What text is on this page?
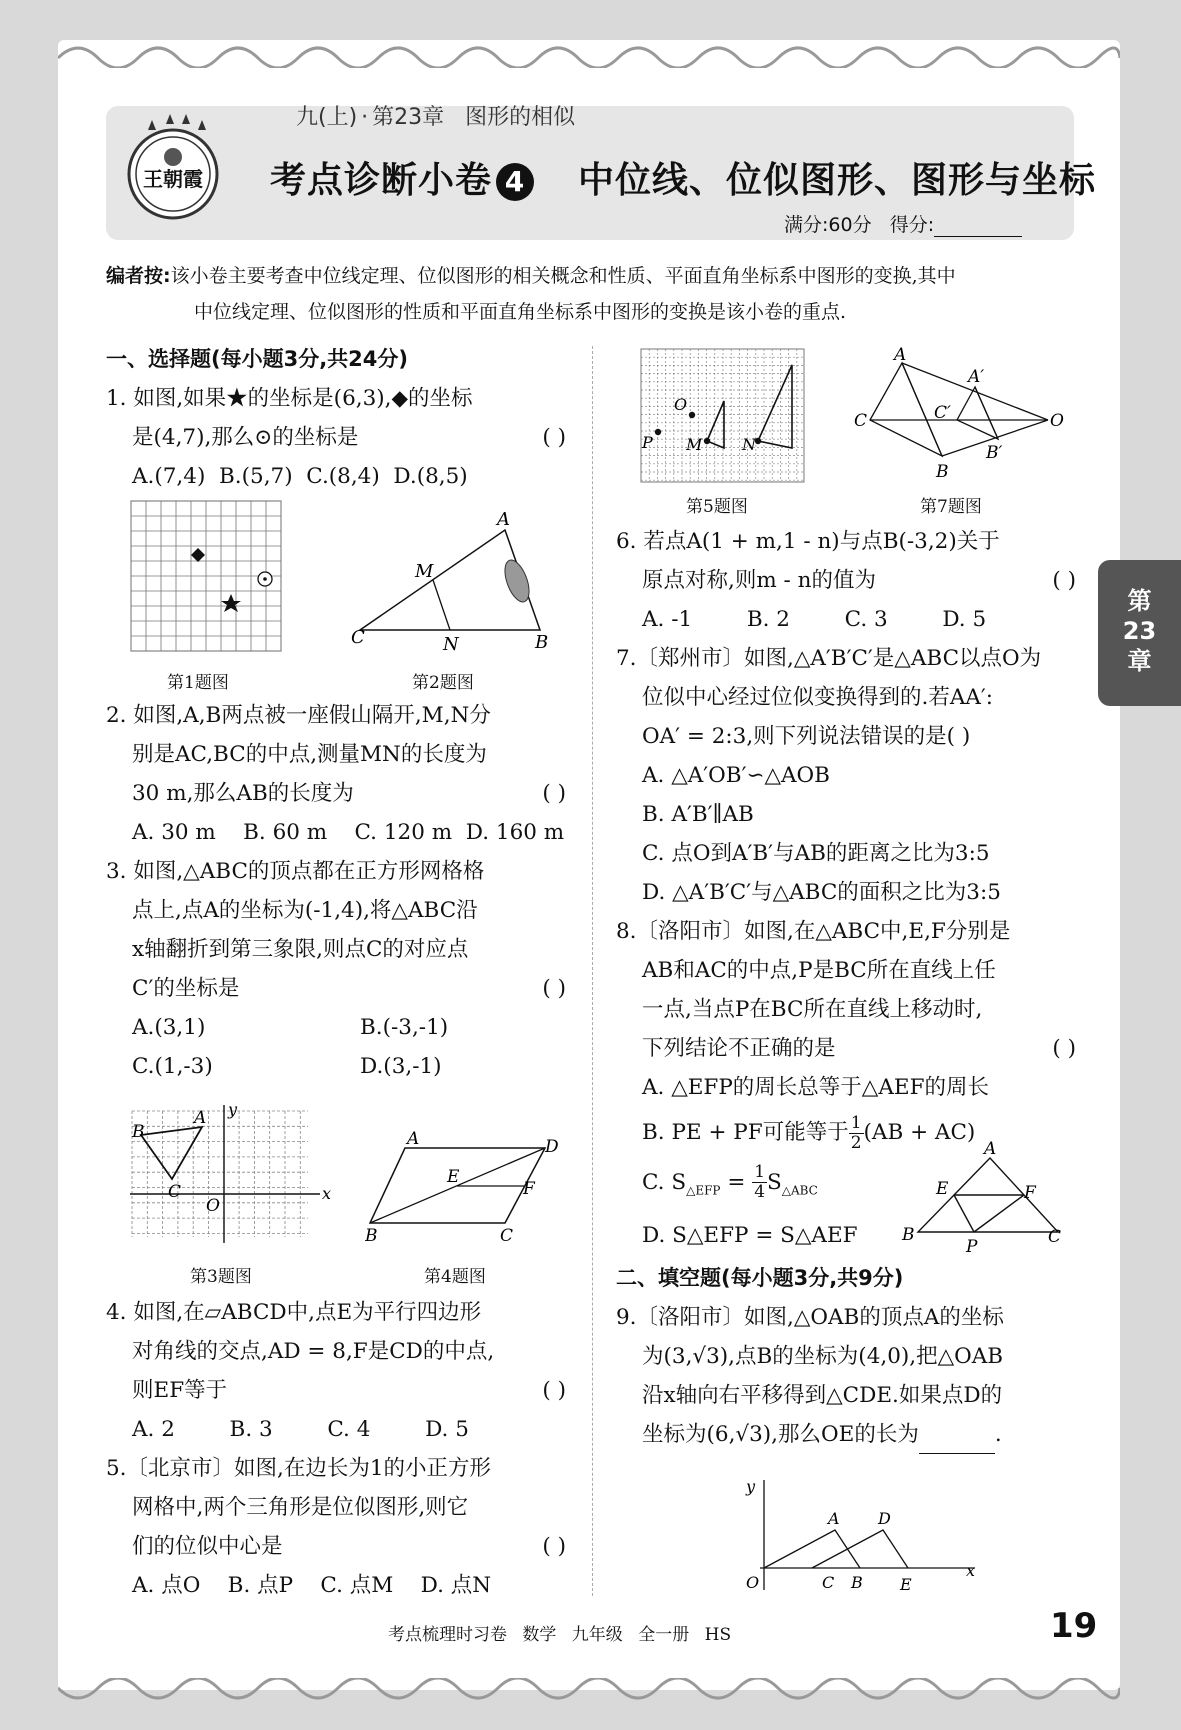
王朝霞
九(上) · 第23章 图形的相似
考点诊断小卷 4 中位线、位似图形、图形与坐标
满分:60分 得分:
编者按:该小卷主要考查中位线定理、位似图形的相关概念和性质、平面直角坐标系中图形的变换,其中
中位线定理、位似图形的性质和平面直角坐标系中图形的变换是该小卷的重点.
一、选择题(每小题3分,共24分)
1. 如图,如果★的坐标是(6,3),◆的坐标
是(4,7),那么⊙的坐标是	( )
A.(7,4)  B.(5,7)  C.(8,4)  D.(8,5)
第1题图
A
M
C	N	B
第2题图
2. 如图,A,B两点被一座假山隔开,M,N分
别是AC,BC的中点,测量MN的长度为
30 m,那么AB的长度为	( )
A. 30 m    B. 60 m    C. 120 m  D. 160 m
3. 如图,△ABC的顶点都在正方形网格格
点上,点A的坐标为(-1,4),将△ABC沿
x轴翻折到第三象限,则点C的对应点
C′的坐标是	( )
A.(3,1)	B.(-3,-1)
C.(1,-3)	D.(3,-1)
B
A
C
O
x
y
第3题图
A	D
E
F
B	C
第4题图
4. 如图,在▱ABCD中,点E为平行四边形
对角线的交点,AD = 8,F是CD的中点,
则EF等于	( )
A. 2        B. 3        C. 4        D. 5
5.〔北京市〕如图,在边长为1的小正方形
网格中,两个三角形是位似图形,则它
们的位似中心是	( )
A. 点O    B. 点P    C. 点M    D. 点N
O
P M N
第5题图
A
C
B
A′
C′
B′
O
第7题图
6. 若点A(1 + m,1 - n)与点B(-3,2)关于
原点对称,则m - n的值为	( )
A. -1        B. 2        C. 3        D. 5
7.〔郑州市〕如图,△A′B′C′是△ABC以点O为
位似中心经过位似变换得到的.若AA′:
OA′ = 2:3,则下列说法错误的是( )
A. △A′OB′∽△AOB
B. A′B′∥AB
C. 点O到A′B′与AB的距离之比为3:5
D. △A′B′C′与△ABC的面积之比为3:5
8.〔洛阳市〕如图,在△ABC中,E,F分别是
AB和AC的中点,P是BC所在直线上任
一点,当点P在BC所在直线上移动时,
下列结论不正确的是	( )
A. △EFP的周长总等于△AEF的周长
B. PE + PF可能等于 $\frac{1}{2} (AB + AC)$
C. $S_{\triangle EFP} = \frac{1}{4} S_{\triangle ABC}$
D. S△EFP = S△AEF
二、填空题(每小题3分,共9分)
9.〔洛阳市〕如图,△OAB的顶点A的坐标
为(3,√3),点B的坐标为(4,0),把△OAB
沿x轴向右平移得到△CDE.如果点D的
坐标为(6,√3),那么OE的长为	.
A
E	F
B
P	C
y
x
O
A D
C B E
第
23
章
考点梳理时习卷 数学 九年级 全一册 HS	19
